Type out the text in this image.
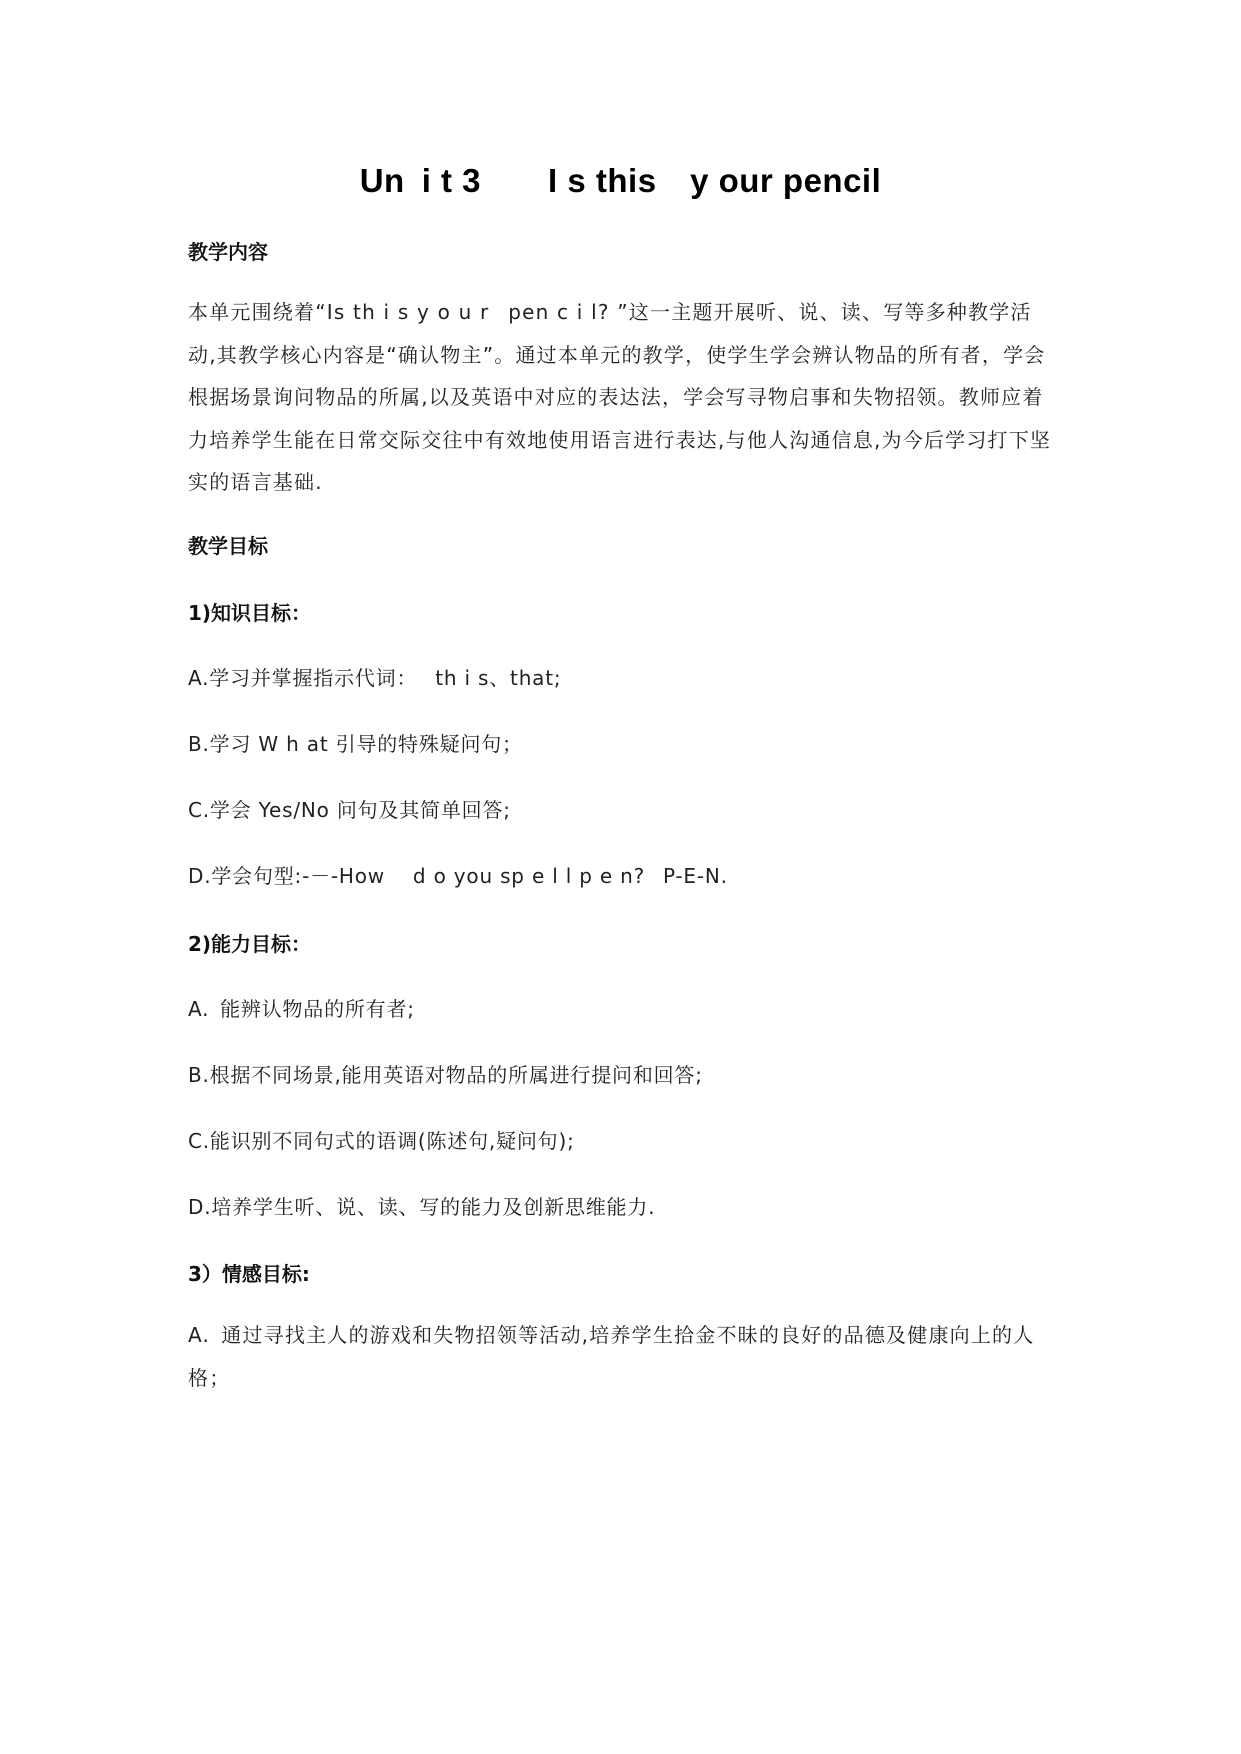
Un i t 3  I s this y our pencil
教学内容

本单元围绕着“Is th i s y o u r  pen c i l? ”这一主题开展听、说、读、写等多种教学活动,其教学核心内容是“确认物主”。通过本单元的教学，使学生学会辨认物品的所有者，学会根据场景询问物品的所属,以及英语中对应的表达法，学会写寻物启事和失物招领。教师应着力培养学生能在日常交际交往中有效地使用语言进行表达,与他人沟通信息,为今后学习打下坚实的语言基础.

教学目标
1)知识目标：
A.学习并掌握指示代词：  th i s、that;
B.学习 W h at 引导的特殊疑问句；
C.学会 Yes/No 问句及其简单回答;
D.学会句型:-－-How  d o you sp e l l p e n?  P-E-N.
2)能力目标：
A. 能辨认物品的所有者;
B.根据不同场景,能用英语对物品的所属进行提问和回答;
C.能识别不同句式的语调(陈述句,疑问句);
D.培养学生听、说、读、写的能力及创新思维能力.
3）情感目标:

A. 通过寻找主人的游戏和失物招领等活动,培养学生拾金不昧的良好的品德及健康向上的人格；
